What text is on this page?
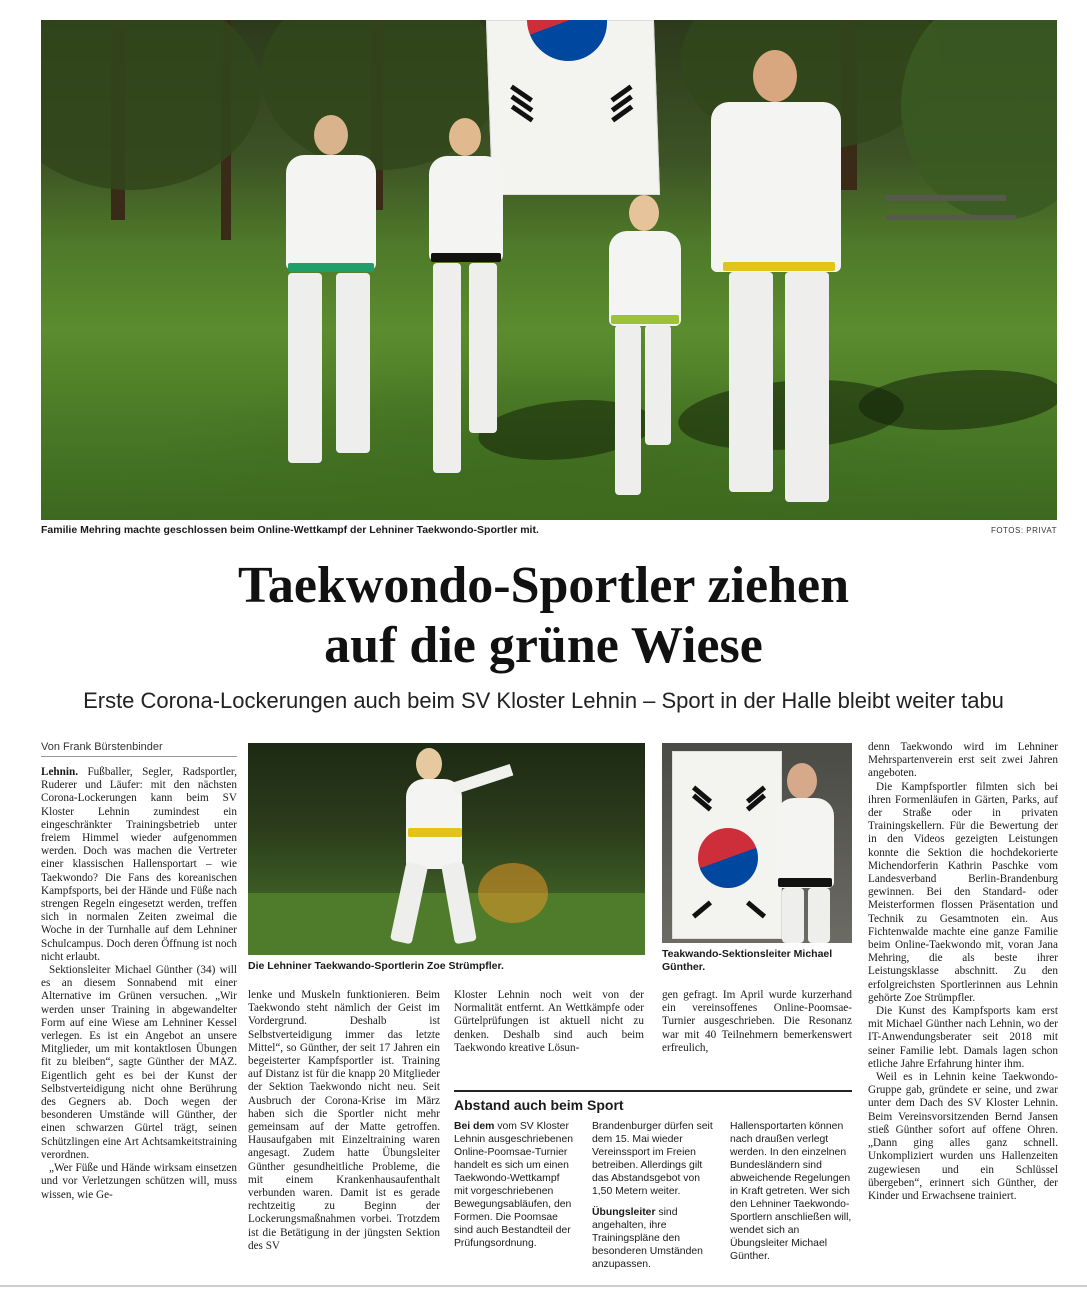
Familie Mehring machte geschlossen beim Online-Wettkampf der Lehniner Taekwondo-Sportler mit.	FOTOS: PRIVAT
Taekwondo-Sportler ziehen
auf die grüne Wiese
Erste Corona-Lockerungen auch beim SV Kloster Lehnin – Sport in der Halle bleibt weiter tabu
Von Frank Bürstenbinder

Lehnin. Fußballer, Segler, Radsportler, Ruderer und Läufer: mit den nächsten Corona-Lockerungen kann beim SV Kloster Lehnin zumindest ein eingeschränkter Trainingsbetrieb unter freiem Himmel wieder aufgenommen werden. Doch was machen die Vertreter einer klassischen Hallensportart – wie Taekwondo? Die Fans des koreanischen Kampfsports, bei der Hände und Füße nach strengen Regeln eingesetzt werden, treffen sich in normalen Zeiten zweimal die Woche in der Turnhalle auf dem Lehniner Schulcampus. Doch deren Öffnung ist noch nicht erlaubt.

Sektionsleiter Michael Günther (34) will es an diesem Sonnabend mit einer Alternative im Grünen versuchen. „Wir werden unser Training in abgewandelter Form auf eine Wiese am Lehniner Kessel verlegen. Es ist ein Angebot an unsere Mitglieder, um mit kontaktlosen Übungen fit zu bleiben“, sagte Günther der MAZ. Eigentlich geht es bei der Kunst der Selbstverteidigung nicht ohne Berührung des Gegners ab. Doch wegen der besonderen Umstände will Günther, der einen schwarzen Gürtel trägt, seinen Schützlingen eine Art Achtsamkeitstraining verordnen.

„Wer Füße und Hände wirksam einsetzen und vor Verletzungen schützen will, muss wissen, wie Ge-

Die Lehniner Taekwando-Sportlerin Zoe Strümpfler.
Teakwando-Sektionsleiter Michael Günther.

lenke und Muskeln funktionieren. Beim Taekwondo steht nämlich der Geist im Vordergrund. Deshalb ist Selbstverteidigung immer das letzte Mittel“, so Günther, der seit 17 Jahren ein begeisterter Kampfsportler ist. Training auf Distanz ist für die knapp 20 Mitglieder der Sektion Taekwondo nicht neu. Seit Ausbruch der Corona-Krise im März haben sich die Sportler nicht mehr gemeinsam auf der Matte getroffen. Hausaufgaben mit Einzeltraining waren angesagt. Zudem hatte Übungsleiter Günther gesundheitliche Probleme, die mit einem Krankenhausaufenthalt verbunden waren. Damit ist es gerade rechtzeitig zu Beginn der Lockerungsmaßnahmen vorbei. Trotzdem ist die Betätigung in der jüngsten Sektion des SV

Kloster Lehnin noch weit von der Normalität entfernt. An Wettkämpfe oder Gürtelprüfungen ist aktuell nicht zu denken. Deshalb sind auch beim Taekwondo kreative Lösun-

gen gefragt. Im April wurde kurzerhand ein vereinsoffenes Online-Poomsae-Turnier ausgeschrieben. Die Resonanz war mit 40 Teilnehmern bemerkenswert erfreulich,

Abstand auch beim Sport
Bei dem vom SV Kloster Lehnin ausgeschriebenen Online-Poomsae-Turnier handelt es sich um einen Taekwondo-Wettkampf mit vorgeschriebenen Bewegungsabläufen, den Formen. Die Poomsae sind auch Bestandteil der Prüfungsordnung.
Brandenburger dürfen seit dem 15. Mai wieder Vereinssport im Freien betreiben. Allerdings gilt das Abstandsgebot von 1,50 Metern weiter.
Übungsleiter sind angehalten, ihre Trainingspläne den besonderen Umständen anzupassen.
Hallensportarten können nach draußen verlegt werden. In den einzelnen Bundesländern sind abweichende Regelungen in Kraft getreten. Wer sich den Lehniner Taekwondo-Sportlern anschließen will, wendet sich an Übungsleiter Michael Günther.

denn Taekwondo wird im Lehniner Mehrspartenverein erst seit zwei Jahren angeboten.

Die Kampfsportler filmten sich bei ihren Formenläufen in Gärten, Parks, auf der Straße oder in privaten Trainingskellern. Für die Bewertung der in den Videos gezeigten Leistungen konnte die Sektion die hochdekorierte Michendorferin Kathrin Paschke vom Landesverband Berlin-Brandenburg gewinnen. Bei den Standard- oder Meisterformen flossen Präsentation und Technik zu Gesamtnoten ein. Aus Fichtenwalde machte eine ganze Familie beim Online-Taekwondo mit, voran Jana Mehring, die als beste ihrer Leistungsklasse abschnitt. Zu den erfolgreichsten Sportlerinnen aus Lehnin gehörte Zoe Strümpfler.

Die Kunst des Kampfsports kam erst mit Michael Günther nach Lehnin, wo der IT-Anwendungsberater seit 2018 mit seiner Familie lebt. Damals lagen schon etliche Jahre Erfahrung hinter ihm.

Weil es in Lehnin keine Taekwondo-Gruppe gab, gründete er seine, und zwar unter dem Dach des SV Kloster Lehnin. Beim Vereinsvorsitzenden Bernd Jansen stieß Günther sofort auf offene Ohren. „Dann ging alles ganz schnell. Unkompliziert wurden uns Hallenzeiten zugewiesen und ein Schlüssel übergeben“, erinnert sich Günther, der Kinder und Erwachsene trainiert.
